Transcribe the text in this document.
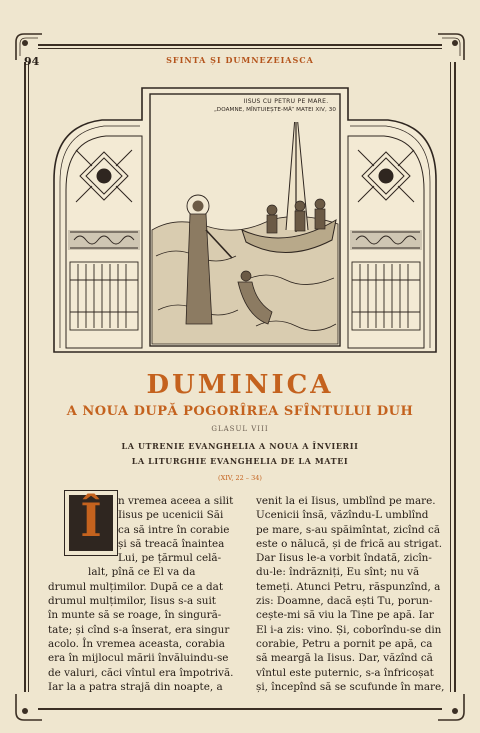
94	SFINTA ȘI DUMNEZEIASCA
IISUS CU PETRU PE MARE.
„DOAMNE, MÎNTUIEȘTE-MĂ” MATEI XIV, 30
DUMINICA
A NOUA DUPĂ POGORÎREA SFÎNTULUI DUH
GLASUL VIII
LA UTRENIE EVANGHELIA A NOUA A ÎNVIERII
LA LITURGHIE EVANGHELIA DE LA MATEI
(XIV, 22 – 34)
Î	n vremea aceea a silit
Iisus pe ucenicii Săi
ca să intre în corabie
și să treacă înaintea
Lui, pe țărmul celă-
lalt, pînă ce El va da
drumul mulțimilor. După ce a dat
drumul mulțimilor, Iisus s-a suit
în munte să se roage, în singură-
tate; și cînd s-a înserat, era singur
acolo. În vremea aceasta, corabia
era în mijlocul mării învăluindu-se
de valuri, căci vîntul era împotrivă.
Iar la a patra strajă din noapte, a
venit la ei Iisus, umblînd pe mare.
Ucenicii însă, văzîndu-L umblînd
pe mare, s-au spăimîntat, zicînd că
este o nălucă, și de frică au strigat.
Dar Iisus le-a vorbit îndată, zicîn-
du-le: îndrăzniți, Eu sînt; nu vă
temeți. Atunci Petru, răspunzînd, a
zis: Doamne, dacă ești Tu, porun-
cește-mi să viu la Tine pe apă. Iar
El i-a zis: vino. Și, coborîndu-se din
corabie, Petru a pornit pe apă, ca
să meargă la Iisus. Dar, văzînd că
vîntul este puternic, s-a înfricoșat
și, începînd să se scufunde în mare,
